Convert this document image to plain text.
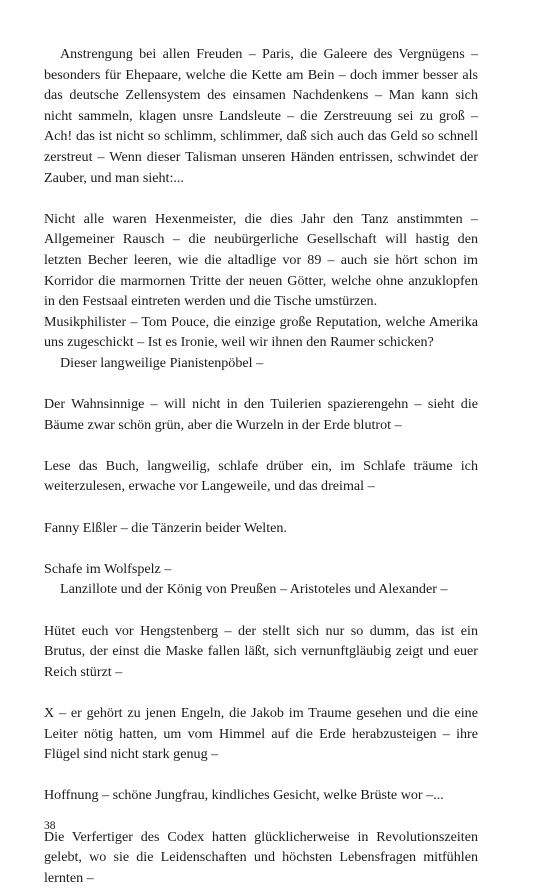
Anstrengung bei allen Freuden – Paris, die Galeere des Vergnügens – besonders für Ehepaare, welche die Kette am Bein – doch immer besser als das deutsche Zellensystem des einsamen Nachdenkens – Man kann sich nicht sammeln, klagen unsre Landsleute – die Zerstreuung sei zu groß – Ach! das ist nicht so schlimm, schlimmer, daß sich auch das Geld so schnell zerstreut – Wenn dieser Talisman unseren Händen entrissen, schwindet der Zauber, und man sieht:...

Nicht alle waren Hexenmeister, die dies Jahr den Tanz anstimmten – Allgemeiner Rausch – die neubürgerliche Gesellschaft will hastig den letzten Becher leeren, wie die altadlige vor 89 – auch sie hört schon im Korridor die marmornen Tritte der neuen Götter, welche ohne anzuklopfen in den Festsaal eintreten werden und die Tische umstürzen.

Musikphilister – Tom Pouce, die einzige große Reputation, welche Amerika uns zugeschickt – Ist es Ironie, weil wir ihnen den Raumer schicken?

Dieser langweilige Pianistenpöbel –

Der Wahnsinnige – will nicht in den Tuilerien spazierengehn – sieht die Bäume zwar schön grün, aber die Wurzeln in der Erde blutrot –

Lese das Buch, langweilig, schlafe drüber ein, im Schlafe träume ich weiterzulesen, erwache vor Langeweile, und das dreimal –

Fanny Elßler – die Tänzerin beider Welten.

Schafe im Wolfspelz –

Lanzillote und der König von Preußen – Aristoteles und Alexander –

Hütet euch vor Hengstenberg – der stellt sich nur so dumm, das ist ein Brutus, der einst die Maske fallen läßt, sich vernunftgläubig zeigt und euer Reich stürzt –

X – er gehört zu jenen Engeln, die Jakob im Traume gesehen und die eine Leiter nötig hatten, um vom Himmel auf die Erde herabzusteigen – ihre Flügel sind nicht stark genug –

Hoffnung – schöne Jungfrau, kindliches Gesicht, welke Brüste wor –...

Die Verfertiger des Codex hatten glücklicherweise in Revolutionszeiten gelebt, wo sie die Leidenschaften und höchsten Lebensfragen mitfühlen lernten –

38
